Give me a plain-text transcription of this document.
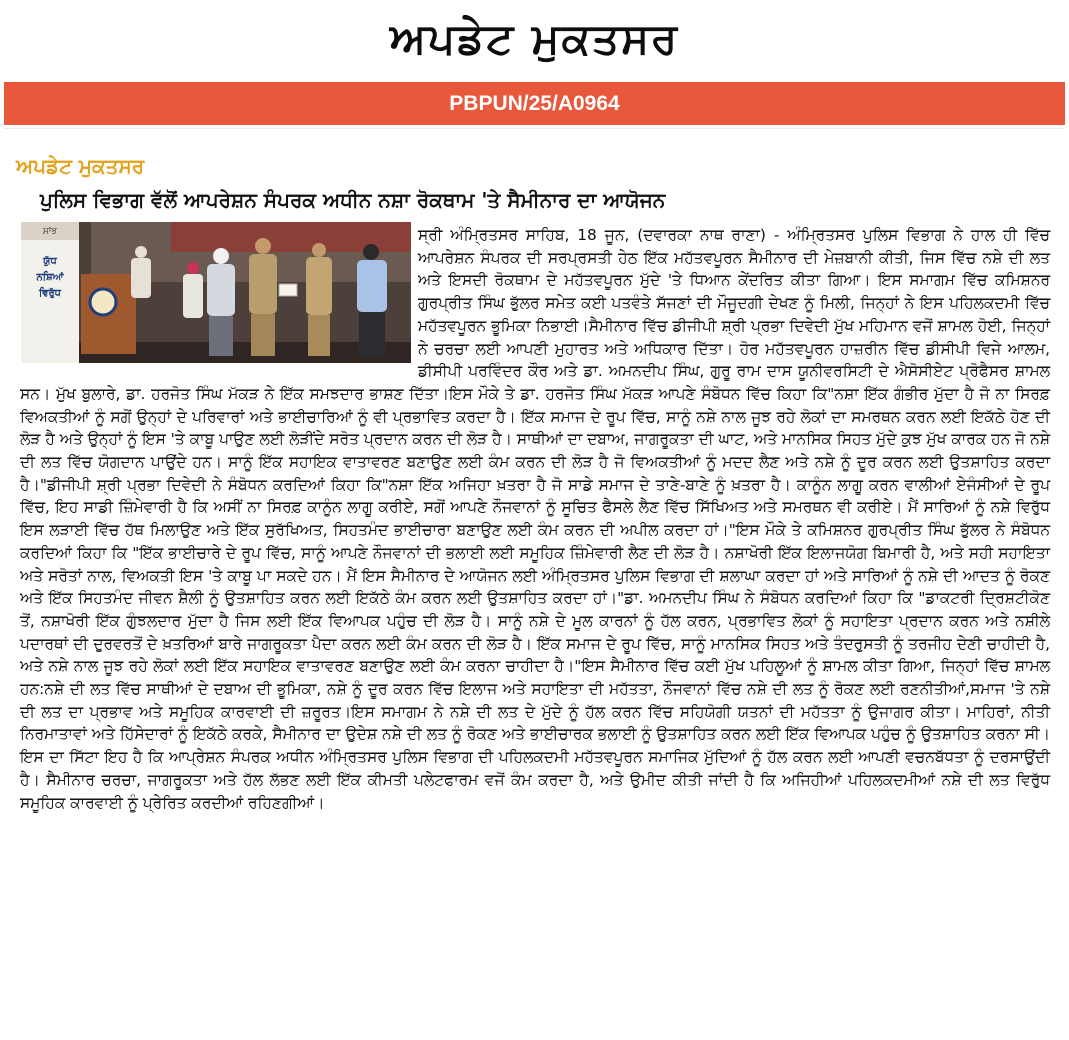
ਅਪਡੇਟ ਮੁਕਤਸਰ
PBPUN/25/A0964
ਅਪਡੇਟ ਮੁਕਤਸਰ
ਪੁਲਿਸ ਵਿਭਾਗ ਵੱਲੋਂ ਆਪਰੇਸ਼ਨ ਸੰਪਰਕ ਅਧੀਨ ਨਸ਼ਾ ਰੋਕਥਾਮ 'ਤੇ ਸੈਮੀਨਾਰ ਦਾ ਆਯੋਜਨ
ਸਾਂਝ
ਯੁੱਧ
ਨਸ਼ਿਆਂ
ਵਿਰੁੱਧ
ਸ੍ਰੀ ਅੰਮ੍ਰਿਤਸਰ ਸਾਹਿਬ, 18 ਜੂਨ, (ਦਵਾਰਕਾ ਨਾਥ ਰਾਣਾ) - ਅੰਮ੍ਰਿਤਸਰ ਪੁਲਿਸ ਵਿਭਾਗ ਨੇ ਹਾਲ ਹੀ ਵਿੱਚ ਆਪਰੇਸ਼ਨ ਸੰਪਰਕ ਦੀ ਸਰਪ੍ਰਸਤੀ ਹੇਠ ਇੱਕ ਮਹੱਤਵਪੂਰਨ ਸੈਮੀਨਾਰ ਦੀ ਮੇਜ਼ਬਾਨੀ ਕੀਤੀ, ਜਿਸ ਵਿੱਚ ਨਸ਼ੇ ਦੀ ਲਤ ਅਤੇ ਇਸਦੀ ਰੋਕਥਾਮ ਦੇ ਮਹੱਤਵਪੂਰਨ ਮੁੱਦੇ 'ਤੇ ਧਿਆਨ ਕੇਂਦਰਿਤ ਕੀਤਾ ਗਿਆ। ਇਸ ਸਮਾਗਮ ਵਿੱਚ ਕਮਿਸ਼ਨਰ ਗੁਰਪ੍ਰੀਤ ਸਿੰਘ ਭੁੱਲਰ ਸਮੇਤ ਕਈ ਪਤਵੰਤੇ ਸੱਜਣਾਂ ਦੀ ਮੌਜੂਦਗੀ ਦੇਖਣ ਨੂੰ ਮਿਲੀ, ਜਿਨ੍ਹਾਂ ਨੇ ਇਸ ਪਹਿਲਕਦਮੀ ਵਿੱਚ ਮਹੱਤਵਪੂਰਨ ਭੂਮਿਕਾ ਨਿਭਾਈ।ਸੈਮੀਨਾਰ ਵਿੱਚ ਡੀਜੀਪੀ ਸ਼੍ਰੀ ਪ੍ਰਭਾ ਦਿਵੇਦੀ ਮੁੱਖ ਮਹਿਮਾਨ ਵਜੋਂ ਸ਼ਾਮਲ ਹੋਈ, ਜਿਨ੍ਹਾਂ ਨੇ ਚਰਚਾ ਲਈ ਆਪਣੀ ਮੁਹਾਰਤ ਅਤੇ ਅਧਿਕਾਰ ਦਿੱਤਾ। ਹੋਰ ਮਹੱਤਵਪੂਰਨ ਹਾਜ਼ਰੀਨ ਵਿੱਚ ਡੀਸੀਪੀ ਵਿਜੇ ਆਲਮ, ਡੀਸੀਪੀ ਪਰਵਿੰਦਰ ਕੌਰ ਅਤੇ ਡਾ. ਅਮਨਦੀਪ ਸਿੰਘ, ਗੁਰੂ ਰਾਮ ਦਾਸ ਯੂਨੀਵਰਸਿਟੀ ਦੇ ਐਸੋਸੀਏਟ ਪ੍ਰੋਫੈਸਰ ਸ਼ਾਮਲ ਸਨ। ਮੁੱਖ ਬੁਲਾਰੇ, ਡਾ. ਹਰਜੋਤ ਸਿੰਘ ਮੱਕੜ ਨੇ ਇੱਕ ਸਮਝਦਾਰ ਭਾਸ਼ਣ ਦਿੱਤਾ।ਇਸ ਮੌਕੇ ਤੇ ਡਾ. ਹਰਜੋਤ ਸਿੰਘ ਮੱਕੜ ਆਪਣੇ ਸੰਬੋਧਨ ਵਿੱਚ ਕਿਹਾ ਕਿ"ਨਸ਼ਾ ਇੱਕ ਗੰਭੀਰ ਮੁੱਦਾ ਹੈ ਜੋ ਨਾ ਸਿਰਫ਼ ਵਿਅਕਤੀਆਂ ਨੂੰ ਸਗੋਂ ਉਨ੍ਹਾਂ ਦੇ ਪਰਿਵਾਰਾਂ ਅਤੇ ਭਾਈਚਾਰਿਆਂ ਨੂੰ ਵੀ ਪ੍ਰਭਾਵਿਤ ਕਰਦਾ ਹੈ। ਇੱਕ ਸਮਾਜ ਦੇ ਰੂਪ ਵਿੱਚ, ਸਾਨੂੰ ਨਸ਼ੇ ਨਾਲ ਜੂਝ ਰਹੇ ਲੋਕਾਂ ਦਾ ਸਮਰਥਨ ਕਰਨ ਲਈ ਇਕੱਠੇ ਹੋਣ ਦੀ ਲੋੜ ਹੈ ਅਤੇ ਉਨ੍ਹਾਂ ਨੂੰ ਇਸ 'ਤੇ ਕਾਬੂ ਪਾਉਣ ਲਈ ਲੋੜੀਂਦੇ ਸਰੋਤ ਪ੍ਰਦਾਨ ਕਰਨ ਦੀ ਲੋੜ ਹੈ। ਸਾਥੀਆਂ ਦਾ ਦਬਾਅ, ਜਾਗਰੂਕਤਾ ਦੀ ਘਾਟ, ਅਤੇ ਮਾਨਸਿਕ ਸਿਹਤ ਮੁੱਦੇ ਕੁਝ ਮੁੱਖ ਕਾਰਕ ਹਨ ਜੋ ਨਸ਼ੇ ਦੀ ਲਤ ਵਿੱਚ ਯੋਗਦਾਨ ਪਾਉਂਦੇ ਹਨ। ਸਾਨੂੰ ਇੱਕ ਸਹਾਇਕ ਵਾਤਾਵਰਣ ਬਣਾਉਣ ਲਈ ਕੰਮ ਕਰਨ ਦੀ ਲੋੜ ਹੈ ਜੋ ਵਿਅਕਤੀਆਂ ਨੂੰ ਮਦਦ ਲੈਣ ਅਤੇ ਨਸ਼ੇ ਨੂੰ ਦੂਰ ਕਰਨ ਲਈ ਉਤਸ਼ਾਹਿਤ ਕਰਦਾ ਹੈ।"ਡੀਜੀਪੀ ਸ਼੍ਰੀ ਪ੍ਰਭਾ ਦਿਵੇਦੀ ਨੇ ਸੰਬੋਧਨ ਕਰਦਿਆਂ ਕਿਹਾ ਕਿ"ਨਸ਼ਾ ਇੱਕ ਅਜਿਹਾ ਖ਼ਤਰਾ ਹੈ ਜੋ ਸਾਡੇ ਸਮਾਜ ਦੇ ਤਾਣੇ-ਬਾਣੇ ਨੂੰ ਖ਼ਤਰਾ ਹੈ। ਕਾਨੂੰਨ ਲਾਗੂ ਕਰਨ ਵਾਲੀਆਂ ਏਜੰਸੀਆਂ ਦੇ ਰੂਪ ਵਿੱਚ, ਇਹ ਸਾਡੀ ਜ਼ਿੰਮੇਵਾਰੀ ਹੈ ਕਿ ਅਸੀਂ ਨਾ ਸਿਰਫ਼ ਕਾਨੂੰਨ ਲਾਗੂ ਕਰੀਏ, ਸਗੋਂ ਆਪਣੇ ਨੌਜਵਾਨਾਂ ਨੂੰ ਸੂਚਿਤ ਫੈਸਲੇ ਲੈਣ ਵਿੱਚ ਸਿੱਖਿਅਤ ਅਤੇ ਸਮਰਥਨ ਵੀ ਕਰੀਏ। ਮੈਂ ਸਾਰਿਆਂ ਨੂੰ ਨਸ਼ੇ ਵਿਰੁੱਧ ਇਸ ਲੜਾਈ ਵਿੱਚ ਹੱਥ ਮਿਲਾਉਣ ਅਤੇ ਇੱਕ ਸੁਰੱਖਿਅਤ, ਸਿਹਤਮੰਦ ਭਾਈਚਾਰਾ ਬਣਾਉਣ ਲਈ ਕੰਮ ਕਰਨ ਦੀ ਅਪੀਲ ਕਰਦਾ ਹਾਂ।"ਇਸ ਮੌਕੇ ਤੇ ਕਮਿਸ਼ਨਰ ਗੁਰਪ੍ਰੀਤ ਸਿੰਘ ਭੁੱਲਰ ਨੇ ਸੰਬੋਧਨ ਕਰਦਿਆਂ ਕਿਹਾ ਕਿ "ਇੱਕ ਭਾਈਚਾਰੇ ਦੇ ਰੂਪ ਵਿੱਚ, ਸਾਨੂੰ ਆਪਣੇ ਨੌਜਵਾਨਾਂ ਦੀ ਭਲਾਈ ਲਈ ਸਮੂਹਿਕ ਜ਼ਿੰਮੇਵਾਰੀ ਲੈਣ ਦੀ ਲੋੜ ਹੈ। ਨਸ਼ਾਖੋਰੀ ਇੱਕ ਇਲਾਜਯੋਗ ਬਿਮਾਰੀ ਹੈ, ਅਤੇ ਸਹੀ ਸਹਾਇਤਾ ਅਤੇ ਸਰੋਤਾਂ ਨਾਲ, ਵਿਅਕਤੀ ਇਸ 'ਤੇ ਕਾਬੂ ਪਾ ਸਕਦੇ ਹਨ। ਮੈਂ ਇਸ ਸੈਮੀਨਾਰ ਦੇ ਆਯੋਜਨ ਲਈ ਅੰਮ੍ਰਿਤਸਰ ਪੁਲਿਸ ਵਿਭਾਗ ਦੀ ਸ਼ਲਾਘਾ ਕਰਦਾ ਹਾਂ ਅਤੇ ਸਾਰਿਆਂ ਨੂੰ ਨਸ਼ੇ ਦੀ ਆਦਤ ਨੂੰ ਰੋਕਣ ਅਤੇ ਇੱਕ ਸਿਹਤਮੰਦ ਜੀਵਨ ਸ਼ੈਲੀ ਨੂੰ ਉਤਸ਼ਾਹਿਤ ਕਰਨ ਲਈ ਇਕੱਠੇ ਕੰਮ ਕਰਨ ਲਈ ਉਤਸ਼ਾਹਿਤ ਕਰਦਾ ਹਾਂ।"ਡਾ. ਅਮਨਦੀਪ ਸਿੰਘ ਨੇ ਸੰਬੋਧਨ ਕਰਦਿਆਂ ਕਿਹਾ ਕਿ "ਡਾਕਟਰੀ ਦ੍ਰਿਸ਼ਟੀਕੋਣ ਤੋਂ, ਨਸ਼ਾਖੋਰੀ ਇੱਕ ਗੁੰਝਲਦਾਰ ਮੁੱਦਾ ਹੈ ਜਿਸ ਲਈ ਇੱਕ ਵਿਆਪਕ ਪਹੁੰਚ ਦੀ ਲੋੜ ਹੈ। ਸਾਨੂੰ ਨਸ਼ੇ ਦੇ ਮੂਲ ਕਾਰਨਾਂ ਨੂੰ ਹੱਲ ਕਰਨ, ਪ੍ਰਭਾਵਿਤ ਲੋਕਾਂ ਨੂੰ ਸਹਾਇਤਾ ਪ੍ਰਦਾਨ ਕਰਨ ਅਤੇ ਨਸ਼ੀਲੇ ਪਦਾਰਥਾਂ ਦੀ ਦੁਰਵਰਤੋਂ ਦੇ ਖ਼ਤਰਿਆਂ ਬਾਰੇ ਜਾਗਰੂਕਤਾ ਪੈਦਾ ਕਰਨ ਲਈ ਕੰਮ ਕਰਨ ਦੀ ਲੋੜ ਹੈ। ਇੱਕ ਸਮਾਜ ਦੇ ਰੂਪ ਵਿੱਚ, ਸਾਨੂੰ ਮਾਨਸਿਕ ਸਿਹਤ ਅਤੇ ਤੰਦਰੁਸਤੀ ਨੂੰ ਤਰਜੀਹ ਦੇਣੀ ਚਾਹੀਦੀ ਹੈ, ਅਤੇ ਨਸ਼ੇ ਨਾਲ ਜੂਝ ਰਹੇ ਲੋਕਾਂ ਲਈ ਇੱਕ ਸਹਾਇਕ ਵਾਤਾਵਰਣ ਬਣਾਉਣ ਲਈ ਕੰਮ ਕਰਨਾ ਚਾਹੀਦਾ ਹੈ।"ਇਸ ਸੈਮੀਨਾਰ ਵਿੱਚ ਕਈ ਮੁੱਖ ਪਹਿਲੂਆਂ ਨੂੰ ਸ਼ਾਮਲ ਕੀਤਾ ਗਿਆ, ਜਿਨ੍ਹਾਂ ਵਿੱਚ ਸ਼ਾਮਲ ਹਨ:ਨਸ਼ੇ ਦੀ ਲਤ ਵਿੱਚ ਸਾਥੀਆਂ ਦੇ ਦਬਾਅ ਦੀ ਭੂਮਿਕਾ, ਨਸ਼ੇ ਨੂੰ ਦੂਰ ਕਰਨ ਵਿੱਚ ਇਲਾਜ ਅਤੇ ਸਹਾਇਤਾ ਦੀ ਮਹੱਤਤਾ, ਨੌਜਵਾਨਾਂ ਵਿੱਚ ਨਸ਼ੇ ਦੀ ਲਤ ਨੂੰ ਰੋਕਣ ਲਈ ਰਣਨੀਤੀਆਂ,ਸਮਾਜ 'ਤੇ ਨਸ਼ੇ ਦੀ ਲਤ ਦਾ ਪ੍ਰਭਾਵ ਅਤੇ ਸਮੂਹਿਕ ਕਾਰਵਾਈ ਦੀ ਜ਼ਰੂਰਤ।ਇਸ ਸਮਾਗਮ ਨੇ ਨਸ਼ੇ ਦੀ ਲਤ ਦੇ ਮੁੱਦੇ ਨੂੰ ਹੱਲ ਕਰਨ ਵਿੱਚ ਸਹਿਯੋਗੀ ਯਤਨਾਂ ਦੀ ਮਹੱਤਤਾ ਨੂੰ ਉਜਾਗਰ ਕੀਤਾ। ਮਾਹਿਰਾਂ, ਨੀਤੀ ਨਿਰਮਾਤਾਵਾਂ ਅਤੇ ਹਿੱਸੇਦਾਰਾਂ ਨੂੰ ਇਕੱਠੇ ਕਰਕੇ, ਸੈਮੀਨਾਰ ਦਾ ਉਦੇਸ਼ ਨਸ਼ੇ ਦੀ ਲਤ ਨੂੰ ਰੋਕਣ ਅਤੇ ਭਾਈਚਾਰਕ ਭਲਾਈ ਨੂੰ ਉਤਸ਼ਾਹਿਤ ਕਰਨ ਲਈ ਇੱਕ ਵਿਆਪਕ ਪਹੁੰਚ ਨੂੰ ਉਤਸ਼ਾਹਿਤ ਕਰਨਾ ਸੀ।ਇਸ ਦਾ ਸਿੱਟਾ ਇਹ ਹੈ ਕਿ ਆਪ੍ਰੇਸ਼ਨ ਸੰਪਰਕ ਅਧੀਨ ਅੰਮ੍ਰਿਤਸਰ ਪੁਲਿਸ ਵਿਭਾਗ ਦੀ ਪਹਿਲਕਦਮੀ ਮਹੱਤਵਪੂਰਨ ਸਮਾਜਿਕ ਮੁੱਦਿਆਂ ਨੂੰ ਹੱਲ ਕਰਨ ਲਈ ਆਪਣੀ ਵਚਨਬੱਧਤਾ ਨੂੰ ਦਰਸਾਉਂਦੀ ਹੈ। ਸੈਮੀਨਾਰ ਚਰਚਾ, ਜਾਗਰੂਕਤਾ ਅਤੇ ਹੱਲ ਲੱਭਣ ਲਈ ਇੱਕ ਕੀਮਤੀ ਪਲੇਟਫਾਰਮ ਵਜੋਂ ਕੰਮ ਕਰਦਾ ਹੈ, ਅਤੇ ਉਮੀਦ ਕੀਤੀ ਜਾਂਦੀ ਹੈ ਕਿ ਅਜਿਹੀਆਂ ਪਹਿਲਕਦਮੀਆਂ ਨਸ਼ੇ ਦੀ ਲਤ ਵਿਰੁੱਧ ਸਮੂਹਿਕ ਕਾਰਵਾਈ ਨੂੰ ਪ੍ਰੇਰਿਤ ਕਰਦੀਆਂ ਰਹਿਣਗੀਆਂ।
